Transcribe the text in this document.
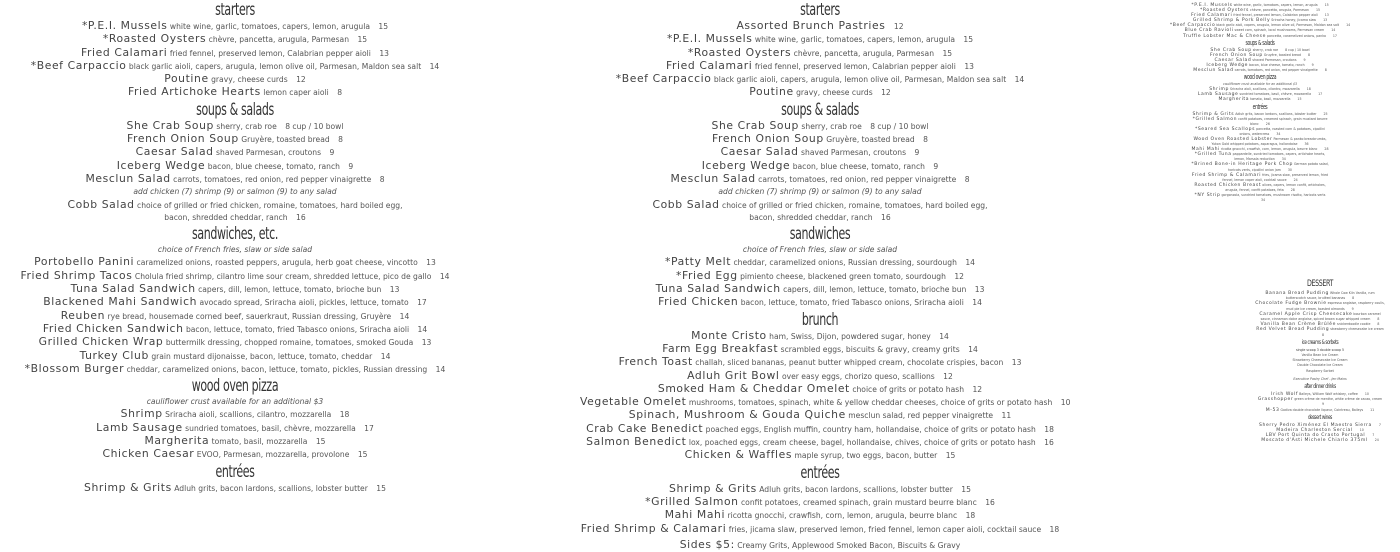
starters
*P.E.I. Mussels white wine, garlic, tomatoes, capers, lemon, arugula 15
*Roasted Oysters chèvre, pancetta, arugula, Parmesan 15
Fried Calamari fried fennel, preserved lemon, Calabrian pepper aioli 13
*Beef Carpaccio black garlic aioli, capers, arugula, lemon olive oil, Parmesan, Maldon sea salt 14
Poutine gravy, cheese curds 12
Fried Artichoke Hearts lemon caper aioli 8
soups & salads
She Crab Soup sherry, crab roe 8 cup / 10 bowl
French Onion Soup Gruyère, toasted bread 8
Caesar Salad shaved Parmesan, croutons 9
Iceberg Wedge bacon, blue cheese, tomato, ranch 9
Mesclun Salad carrots, tomatoes, red onion, red pepper vinaigrette 8
add chicken (7) shrimp (9) or salmon (9) to any salad
Cobb Salad choice of grilled or fried chicken, romaine, tomatoes, hard boiled egg, bacon, shredded cheddar, ranch 16
sandwiches, etc.
choice of French fries, slaw or side salad
Portobello Panini caramelized onions, roasted peppers, arugula, herb goat cheese, vincotto 13
Fried Shrimp Tacos Cholula fried shrimp, cilantro lime sour cream, shredded lettuce, pico de gallo 14
Tuna Salad Sandwich capers, dill, lemon, lettuce, tomato, brioche bun 13
Blackened Mahi Sandwich avocado spread, Sriracha aioli, pickles, lettuce, tomato 17
Reuben rye bread, housemade corned beef, sauerkraut, Russian dressing, Gruyère 14
Fried Chicken Sandwich bacon, lettuce, tomato, fried Tabasco onions, Sriracha aioli 14
Grilled Chicken Wrap buttermilk dressing, chopped romaine, tomatoes, smoked Gouda 13
Turkey Club grain mustard dijonaisse, bacon, lettuce, tomato, cheddar 14
*Blossom Burger cheddar, caramelized onions, bacon, lettuce, tomato, pickles, Russian dressing 14
wood oven pizza
cauliflower crust available for an additional $3
Shrimp Sriracha aioli, scallions, cilantro, mozzarella 18
Lamb Sausage sundried tomatoes, basil, chèvre, mozzarella 17
Margherita tomato, basil, mozzarella 15
Chicken Caesar EVOO, Parmesan, mozzarella, provolone 15
entrées
Shrimp & Grits Adluh grits, bacon lardons, scallions, lobster butter 15
starters
Assorted Brunch Pastries 12
*P.E.I. Mussels white wine, garlic, tomatoes, capers, lemon, arugula 15
*Roasted Oysters chèvre, pancetta, arugula, Parmesan 15
Fried Calamari fried fennel, preserved lemon, Calabrian pepper aioli 13
*Beef Carpaccio black garlic aioli, capers, arugula, lemon olive oil, Parmesan, Maldon sea salt 14
Poutine gravy, cheese curds 12
soups & salads
She Crab Soup sherry, crab roe 8 cup / 10 bowl
French Onion Soup Gruyère, toasted bread 8
Caesar Salad shaved Parmesan, croutons 9
Iceberg Wedge bacon, blue cheese, tomato, ranch 9
Mesclun Salad carrots, tomatoes, red onion, red pepper vinaigrette 8
add chicken (7) shrimp (9) or salmon (9) to any salad
Cobb Salad choice of grilled or fried chicken, romaine, tomatoes, hard boiled egg, bacon, shredded cheddar, ranch 16
sandwiches
choice of French fries, slaw or side salad
*Patty Melt cheddar, caramelized onions, Russian dressing, sourdough 14
*Fried Egg pimiento cheese, blackened green tomato, sourdough 12
Tuna Salad Sandwich capers, dill, lemon, lettuce, tomato, brioche bun 13
Fried Chicken bacon, lettuce, tomato, fried Tabasco onions, Sriracha aioli 14
brunch
Monte Cristo ham, Swiss, Dijon, powdered sugar, honey 14
Farm Egg Breakfast scrambled eggs, biscuits & gravy, creamy grits 14
French Toast challah, sliced bananas, peanut butter whipped cream, chocolate crispies, bacon 13
Adluh Grit Bowl over easy eggs, chorizo queso, scallions 12
Smoked Ham & Cheddar Omelet choice of grits or potato hash 12
Vegetable Omelet mushrooms, tomatoes, spinach, white & yellow cheddar cheeses, choice of grits or potato hash 10
Spinach, Mushroom & Gouda Quiche mesclun salad, red pepper vinaigrette 11
Crab Cake Benedict poached eggs, English muffin, country ham, hollandaise, choice of grits or potato hash 18
Salmon Benedict lox, poached eggs, cream cheese, bagel, hollandaise, chives, choice of grits or potato hash 16
Chicken & Waffles maple syrup, two eggs, bacon, butter 15
entrées
Shrimp & Grits Adluh grits, bacon lardons, scallions, lobster butter 15
*Grilled Salmon confit potatoes, creamed spinach, grain mustard beurre blanc 16
Mahi Mahi ricotta gnocchi, crawfish, corn, lemon, arugula, beurre blanc 18
Fried Shrimp & Calamari fries, jicama slaw, preserved lemon, fried fennel, lemon caper aioli, cocktail sauce 18
Sides $5: Creamy Grits, Applewood Smoked Bacon, Biscuits & Gravy
*P.E.I. Mussels white wine, garlic, tomatoes, capers, lemon, arugula 15
*Roasted Oysters chèvre, pancetta, arugula, Parmesan 15
Fried Calamari fried fennel, preserved lemon, Calabrian pepper aioli 13
Grilled Shrimp & Pork Belly Sriracha honey, jicama slaw 13
*Beef Carpaccio black garlic aioli, capers, arugula, lemon olive oil, Parmesan, Maldon sea salt 14
Blue Crab Ravioli sweet corn, spinach, local mushrooms, Parmesan cream 14
Truffle Lobster Mac & Cheese pancetta, caramelized onions, panko 17
soups & salads
She Crab Soup sherry, crab roe 8 cup / 10 bowl
French Onion Soup Gruyère, toasted bread 8
Caesar Salad shaved Parmesan, croutons 9
Iceberg Wedge bacon, blue cheese, tomato, ranch 9
Mesclun Salad carrots, tomatoes, red onion, red pepper vinaigrette 8
wood oven pizza
cauliflower crust available for an additional $3
Shrimp Sriracha aioli, scallions, cilantro, mozzarella 18
Lamb Sausage sundried tomatoes, basil, chèvre, mozzarella 17
Margherita tomato, basil, mozzarella 15
entrées
Shrimp & Grits Adluh grits, bacon lardons, scallions, lobster butter 25
*Grilled Salmon confit potatoes, creamed spinach, grain mustard beurre blanc 26
*Seared Sea Scallops pancetta, roasted corn & potatoes, cipollini onions, watercress 34
Wood Oven Roasted Lobster Parmesan & panko breadcrumbs, Yukon Gold whipped potatoes, asparagus, hollandaise 36
Mahi Mahi ricotta gnocchi, crawfish, corn, lemon, arugula, beurre blanc 28
*Grilled Tuna pappardelle, sundried tomatoes, capers, artichoke hearts, lemon, Marsala reduction 34
*Brined Bone-in Heritage Pork Chop German potato salad, haricots verts, cipollini onion jam 30
Fried Shrimp & Calamari fries, jicama slaw, preserved lemon, fried fennel, lemon caper aioli, cocktail sauce 24
Roasted Chicken Breast olives, capers, lemon confit, artichokes, arugula, fennel, confit potatoes, feta 28
*NY Strip gorgonzola, sundried tomatoes, mushroom risotto, haricots verts 34
DESSERT
Banana Bread Pudding Whole Cow Kiln Vanilla, rum butterscotch sauce, bruléed bananas 8
Chocolate Fudge Brownie espresso anglaise, raspberry coulis, mud pie ice cream, toasted almonds 9
Caramel Apple Crisp Cheesecake bourbon caramel sauce, cinnamon dolce anglaise, spiced brown sugar whipped cream 8
Vanilla Bean Crème Brûlée snickerdoodle cookie 8
Red Velvet Bread Pudding strawberry cheesecake ice cream 8
ice creams & sorbets
single scoop 3 double scoop 5
Vanilla Bean Ice Cream
Strawberry Cheesecake Ice Cream
Double Chocolate Ice Cream
Raspberry Sorbet
Executive Pastry Chef - Jen Mains
after dinner drinks
Irish Wolf Baileys, William Wolf whiskey, coffee 10
Grasshopper green crème de menthe, white crème de cacao, cream 9
M-53 Godiva double chocolate liqueur, Cointreau, Baileys 11
dessert wines
Sherry Pedro Ximénez El Maestro Sierra 7
Madeira Charleston Sercial 10
LBV Port Quinta do Crasto Portugal 7
Moscato d'Asti Michele Chiarlo 375ml 24
